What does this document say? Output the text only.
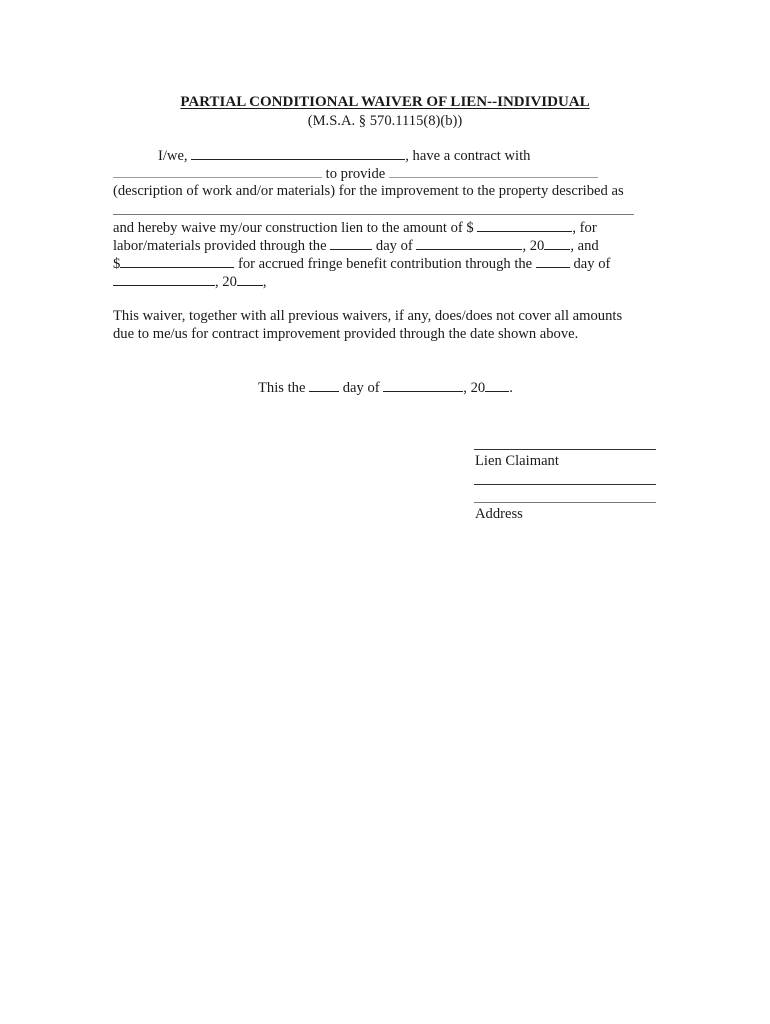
PARTIAL CONDITIONAL WAIVER OF LIEN--INDIVIDUAL
(M.S.A. § 570.1115(8)(b))
I/we,	, have a contract with
to provide
(description of work and/or materials) for the improvement to the property described as
and hereby waive my/our construction lien to the amount of $	, for
labor/materials provided through the	day of	, 20 , and
$	for accrued fringe benefit contribution through the	day of
, 20 ,
This waiver, together with all previous waivers, if any, does/does not cover all amounts
due to me/us for contract improvement provided through the date shown above.
This the	day of	, 20 .
Lien Claimant
Address
